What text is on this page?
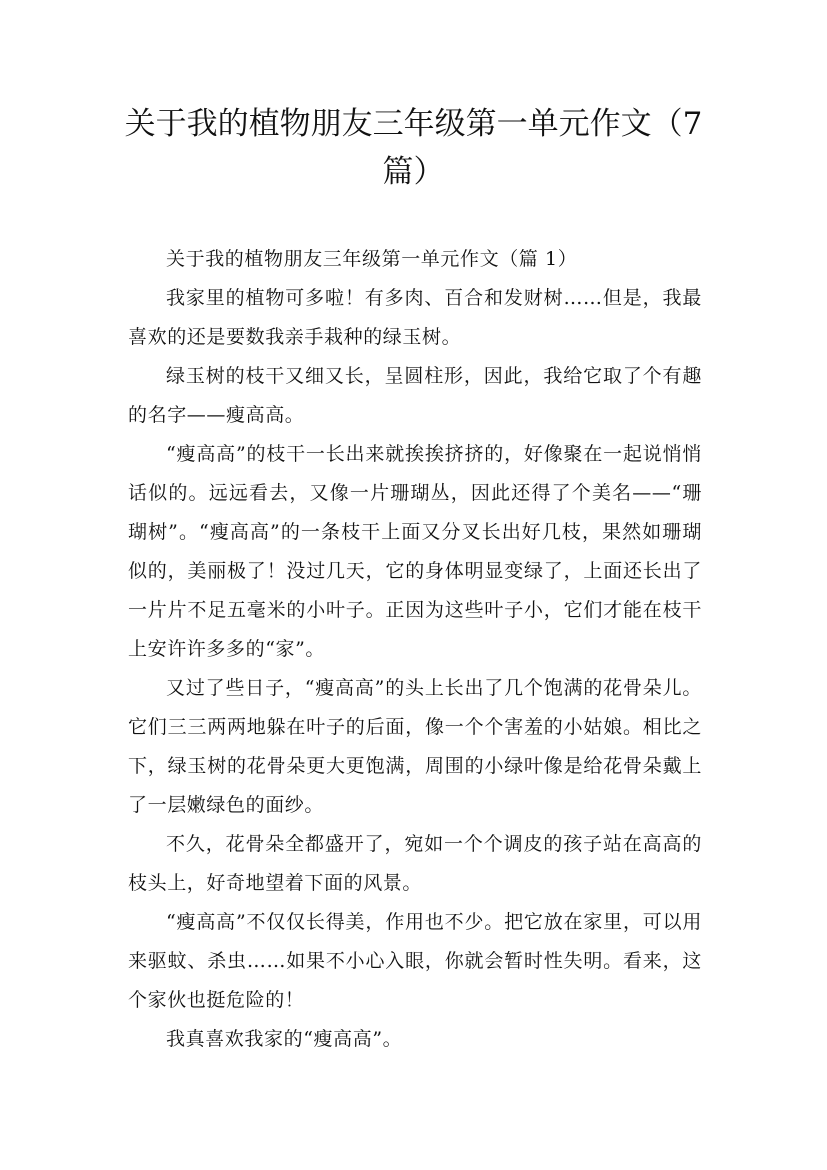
关于我的植物朋友三年级第一单元作文（7篇）

关于我的植物朋友三年级第一单元作文（篇 1）

我家里的植物可多啦！有多肉、百合和发财树……但是，我最喜欢的还是要数我亲手栽种的绿玉树。

绿玉树的枝干又细又长，呈圆柱形，因此，我给它取了个有趣的名字——瘦高高。

“瘦高高”的枝干一长出来就挨挨挤挤的，好像聚在一起说悄悄话似的。远远看去，又像一片珊瑚丛，因此还得了个美名——“珊瑚树”。“瘦高高”的一条枝干上面又分叉长出好几枝，果然如珊瑚似的，美丽极了！没过几天，它的身体明显变绿了，上面还长出了一片片不足五毫米的小叶子。正因为这些叶子小，它们才能在枝干上安许许多多的“家”。

又过了些日子，“瘦高高”的头上长出了几个饱满的花骨朵儿。它们三三两两地躲在叶子的后面，像一个个害羞的小姑娘。相比之下，绿玉树的花骨朵更大更饱满，周围的小绿叶像是给花骨朵戴上了一层嫩绿色的面纱。

不久，花骨朵全都盛开了，宛如一个个调皮的孩子站在高高的枝头上，好奇地望着下面的风景。

“瘦高高”不仅仅长得美，作用也不少。把它放在家里，可以用来驱蚊、杀虫……如果不小心入眼，你就会暂时性失明。看来，这个家伙也挺危险的！

我真喜欢我家的“瘦高高”。
